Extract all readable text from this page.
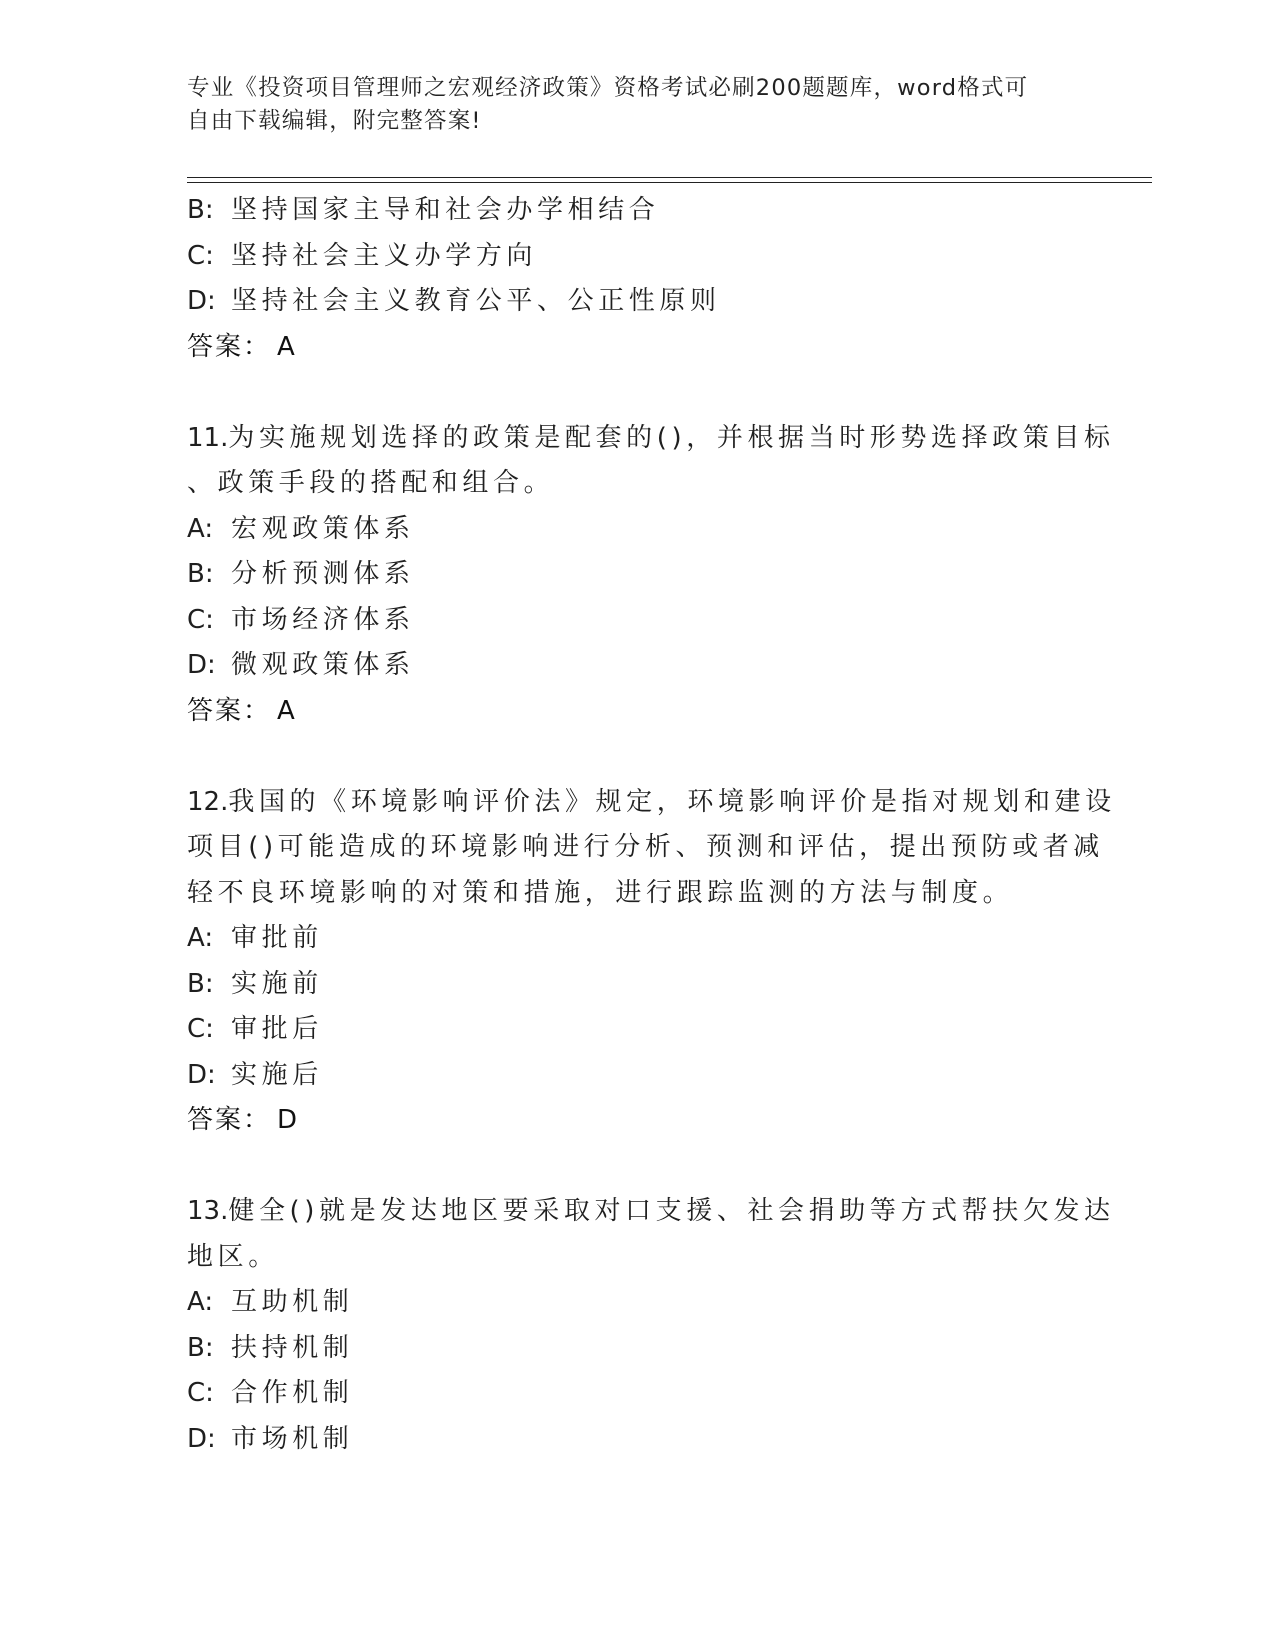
专业《投资项目管理师之宏观经济政策》资格考试必刷200题题库，word格式可
自由下载编辑，附完整答案!
B: 坚持国家主导和社会办学相结合
C: 坚持社会主义办学方向
D: 坚持社会主义教育公平、公正性原则
答案： A
11.为实施规划选择的政策是配套的()，并根据当时形势选择政策目标
、政策手段的搭配和组合。
A: 宏观政策体系
B: 分析预测体系
C: 市场经济体系
D: 微观政策体系
答案： A
12.我国的《环境影响评价法》规定，环境影响评价是指对规划和建设
项目()可能造成的环境影响进行分析、预测和评估，提出预防或者减
轻不良环境影响的对策和措施，进行跟踪监测的方法与制度。
A: 审批前
B: 实施前
C: 审批后
D: 实施后
答案： D
13.健全()就是发达地区要采取对口支援、社会捐助等方式帮扶欠发达
地区。
A: 互助机制
B: 扶持机制
C: 合作机制
D: 市场机制
